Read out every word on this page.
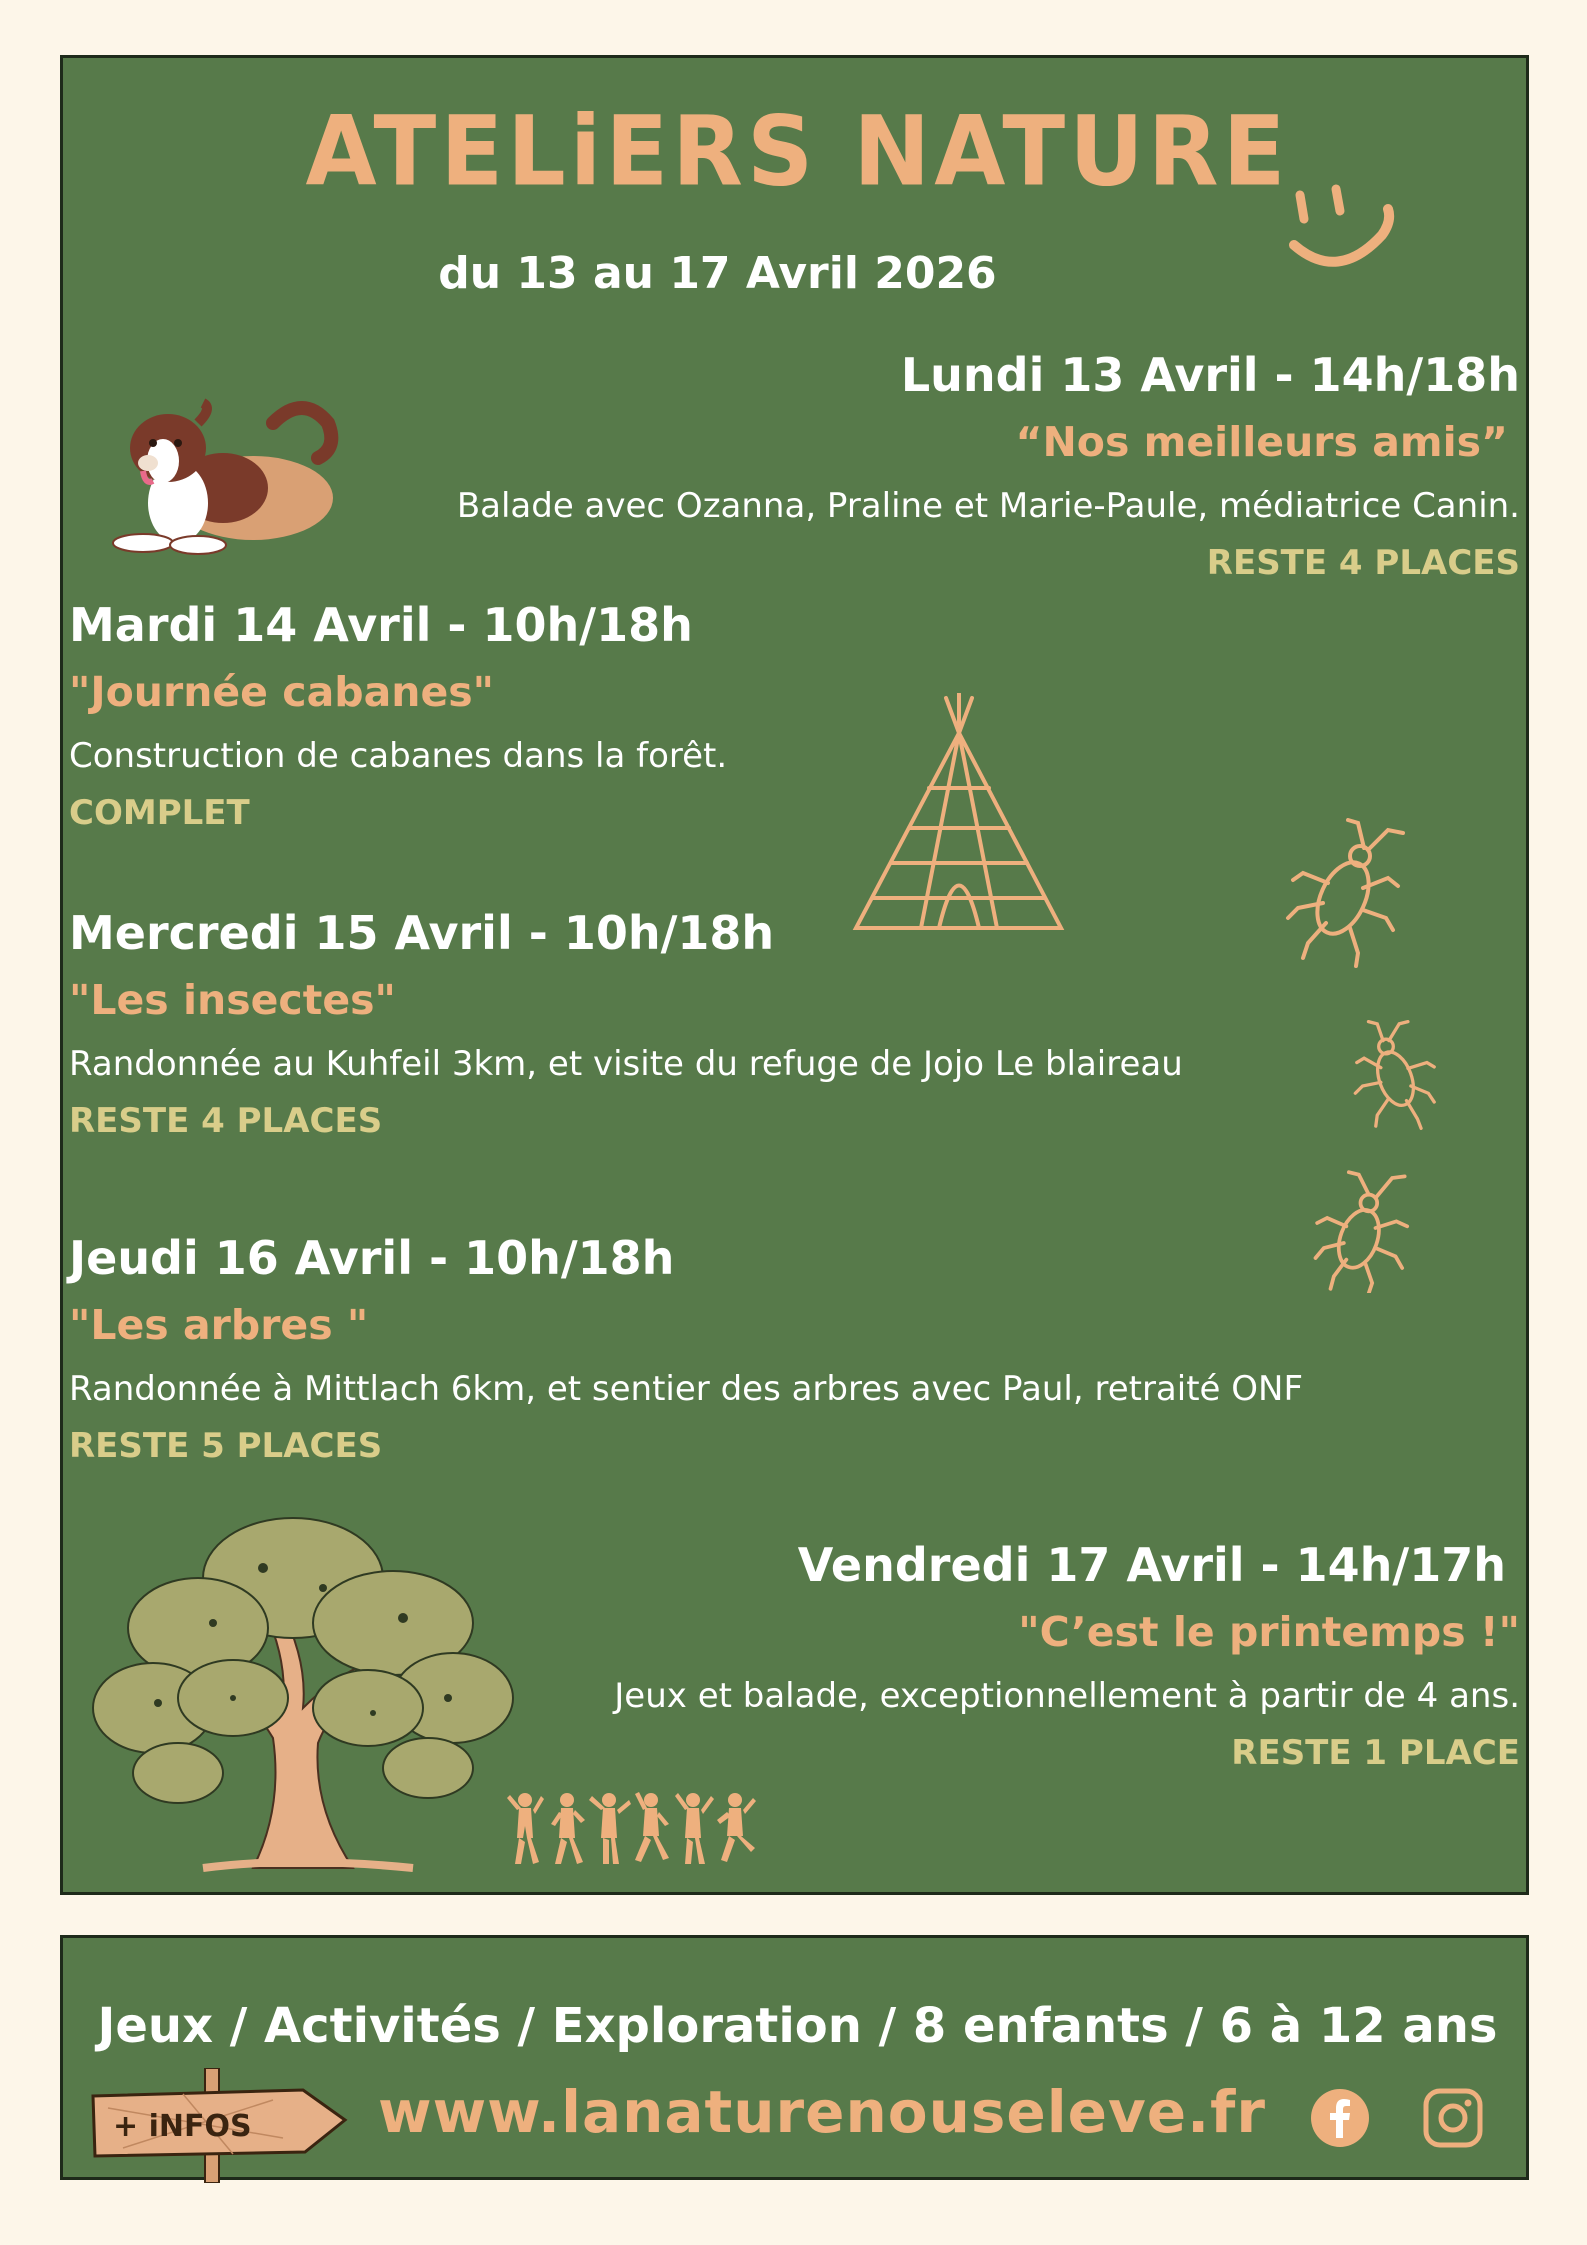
ATELiERS NATURE
du 13 au 17 Avril 2026
Lundi 13 Avril - 14h/18h
“Nos meilleurs amis”
Balade avec Ozanna, Praline et Marie-Paule, médiatrice Canin.
RESTE 4 PLACES
Mardi 14 Avril - 10h/18h
"Journée cabanes"
Construction de cabanes dans la forêt.
COMPLET
Mercredi 15 Avril - 10h/18h
"Les insectes"
Randonnée au Kuhfeil 3km, et visite du refuge de Jojo Le blaireau
RESTE 4 PLACES
Jeudi 16 Avril - 10h/18h
"Les arbres "
Randonnée à Mittlach 6km, et sentier des arbres avec Paul, retraité ONF
RESTE 5 PLACES
Vendredi 17 Avril - 14h/17h
"C’est le printemps !"
Jeux et balade, exceptionnellement à partir de 4 ans.
RESTE 1 PLACE
Jeux / Activités / Exploration / 8 enfants / 6 à 12 ans
+ iNFOS www.lanaturenouseleve.fr
